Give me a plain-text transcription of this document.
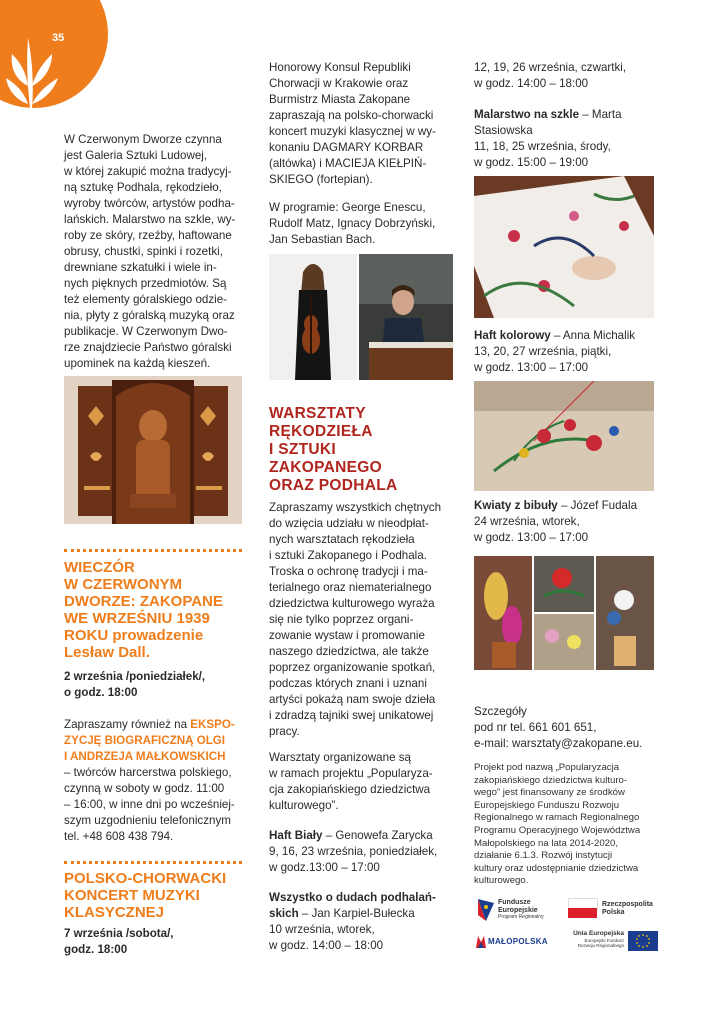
35
W Czerwonym Dworze czynna
jest Galeria Sztuki Ludowej,
w której zakupić można tradycyj-
ną sztukę Podhala, rękodzieło,
wyroby twórców, artystów podha-
lańskich. Malarstwo na szkle, wy-
roby ze skóry, rzeźby, haftowane
obrusy, chustki, spinki i rozetki,
drewniane szkatułki i wiele in-
nych pięknych przedmiotów. Są
też elementy góralskiego odzie-
nia, płyty z góralską muzyką oraz
publikacje. W Czerwonym Dwo-
rze znajdziecie Państwo góralski
upominek na każdą kieszeń.
WIECZÓR
W CZERWONYM
DWORZE: ZAKOPANE
WE WRZEŚNIU 1939
ROKU prowadzenie
Lesław Dall.
2 września /poniedziałek/,
o godz. 18:00
Zapraszamy również na EKSPO-
ZYCJĘ BIOGRAFICZNĄ OLGI
I ANDRZEJA MAŁKOWSKICH
– twórców harcerstwa polskiego,
czynną w soboty w godz. 11:00
– 16:00, w inne dni po wcześniej-
szym uzgodnieniu telefonicznym
tel. +48 608 438 794.
POLSKO-CHORWACKI
KONCERT MUZYKI
KLASYCZNEJ
7 września /sobota/,
godz. 18:00
Honorowy Konsul Republiki
Chorwacji w Krakowie oraz
Burmistrz Miasta Zakopane
zapraszają na polsko-chorwacki
koncert muzyki klasycznej w wy-
konaniu DAGMARY KORBAR
(altówka) i MACIEJA KIEŁPIŃ-
SKIEGO (fortepian).
W programie: George Enescu,
Rudolf Matz, Ignacy Dobrzyński,
Jan Sebastian Bach.
WARSZTATY
RĘKODZIEŁA
I SZTUKI
ZAKOPANEGO
ORAZ PODHALA
Zapraszamy wszystkich chętnych
do wzięcia udziału w nieodpłat-
nych warsztatach rękodzieła
i sztuki Zakopanego i Podhala.
Troska o ochronę tradycji i ma-
terialnego oraz niematerialnego
dziedzictwa kulturowego wyraża
się nie tylko poprzez organi-
zowanie wystaw i promowanie
naszego dziedzictwa, ale także
poprzez organizowanie spotkań,
podczas których znani i uznani
artyści pokażą nam swoje dzieła
i zdradzą tajniki swej unikatowej
pracy.
Warsztaty organizowane są
w ramach projektu „Popularyza-
cja zakopiańskiego dziedzictwa
kulturowego”.
Haft Biały – Genowefa Zarycka
9, 16, 23 września, poniedziałek,
w godz.13:00 – 17:00
Wszystko o dudach podhalań-
skich – Jan Karpiel-Bułecka
10 września, wtorek,
w godz. 14:00 – 18:00
12, 19, 26 września, czwartki,
w godz. 14:00 – 18:00
Malarstwo na szkle – Marta
Stasiowska
11, 18, 25 września, środy,
w godz. 15:00 – 19:00
Haft kolorowy – Anna Michalik
13, 20, 27 września, piątki,
w godz. 13:00 – 17:00
Kwiaty z bibuły – Józef Fudala
24 września, wtorek,
w godz. 13:00 – 17:00
Szczegóły
pod nr tel. 661 601 651,
e-mail: warsztaty@zakopane.eu.
Projekt pod nazwą „Popularyzacja
zakopiańskiego dziedzictwa kulturo-
wego” jest finansowany ze środków
Europejskiego Funduszu Rozwoju
Regionalnego w ramach Regionalnego
Programu Operacyjnego Województwa
Małopolskiego na lata 2014-2020,
działanie 6.1.3. Rozwój instytucji
kultury oraz udostępnianie dziedzictwa
kulturowego.
Fundusze
Europejskie
Program Regionalny
Rzeczpospolita
Polska
MAŁOPOLSKA
Unia Europejska
Europejski Fundusz
Rozwoju Regionalnego
